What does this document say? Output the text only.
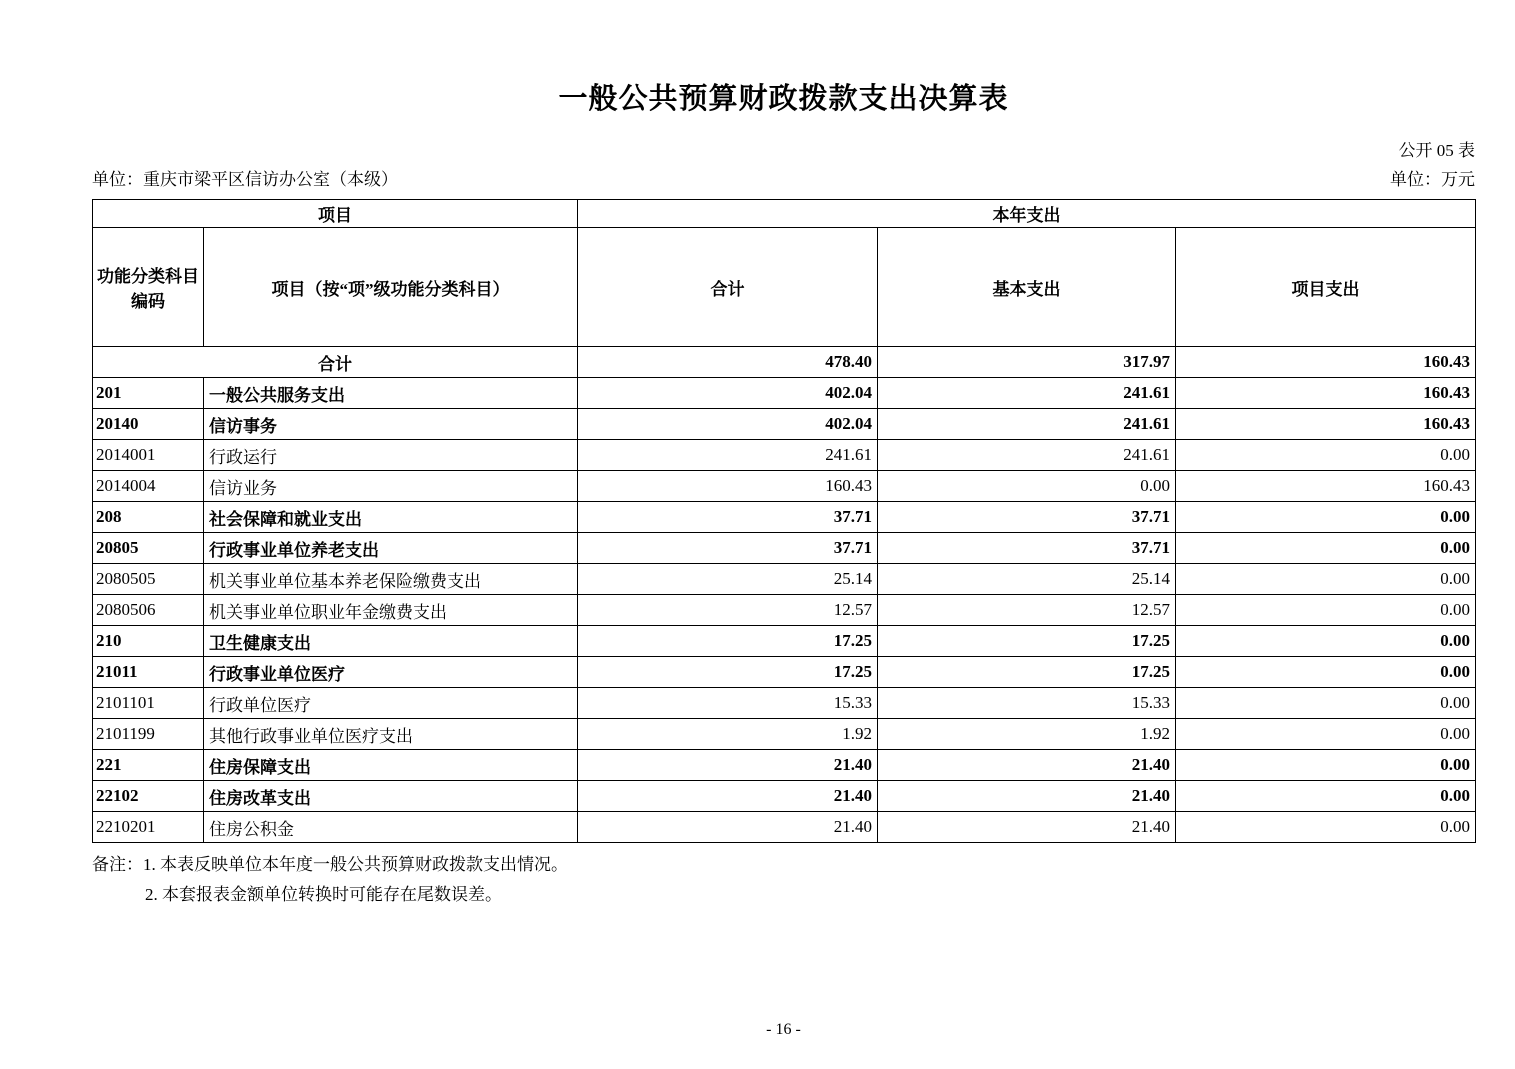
一般公共预算财政拨款支出决算表
公开 05 表
单位：重庆市梁平区信访办公室（本级）	单位：万元
项目		本年支出		

功能分类科目
编码	项目（按“项”级功能分类科目）	合计	基本支出	项目支出
合计		478.40	317.97	160.43
201	一般公共服务支出	402.04	241.61	160.43
20140	信访事务	402.04	241.61	160.43
2014001	行政运行	241.61	241.61	0.00
2014004	信访业务	160.43	0.00	160.43
208	社会保障和就业支出	37.71	37.71	0.00
20805	行政事业单位养老支出	37.71	37.71	0.00
2080505	机关事业单位基本养老保险缴费支出	25.14	25.14	0.00
2080506	机关事业单位职业年金缴费支出	12.57	12.57	0.00
210	卫生健康支出	17.25	17.25	0.00
21011	行政事业单位医疗	17.25	17.25	0.00
2101101	行政单位医疗	15.33	15.33	0.00
2101199	其他行政事业单位医疗支出	1.92	1.92	0.00
221	住房保障支出	21.40	21.40	0.00
22102	住房改革支出	21.40	21.40	0.00
2210201	住房公积金	21.40	21.40	0.00
备注：1. 本表反映单位本年度一般公共预算财政拨款支出情况。
2. 本套报表金额单位转换时可能存在尾数误差。
- 16 -
